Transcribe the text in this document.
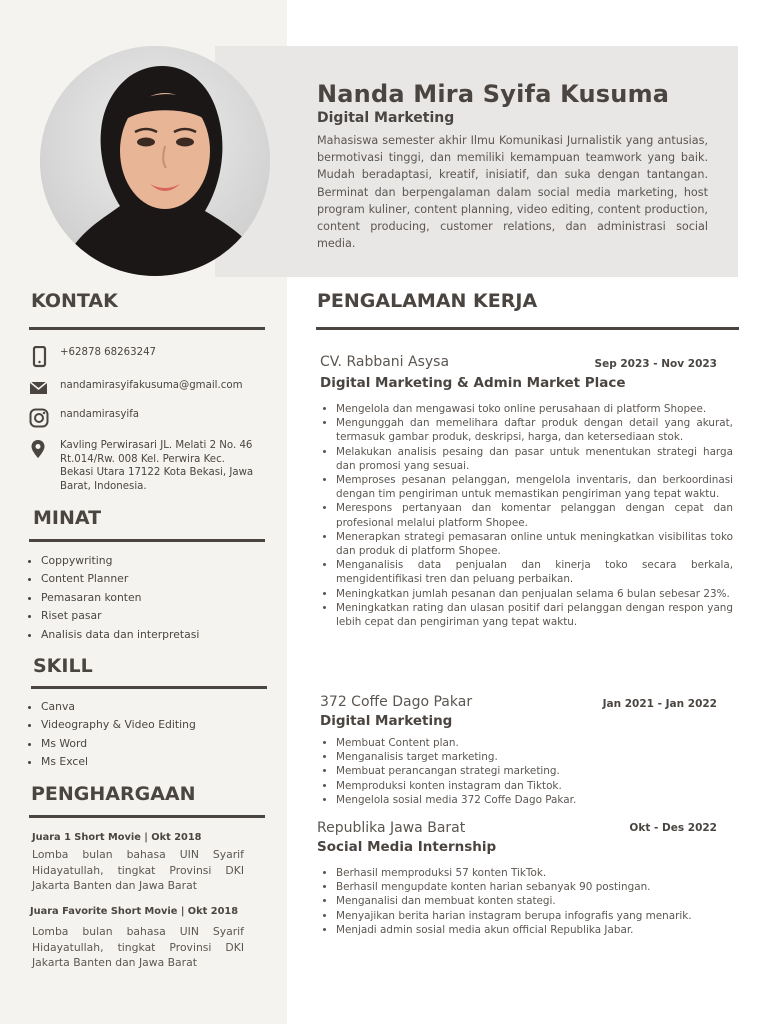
Nanda Mira Syifa Kusuma
Digital Marketing

Mahasiswa semester akhir Ilmu Komunikasi Jurnalistik yang antusias, bermotivasi tinggi, dan memiliki kemampuan teamwork yang baik. Mudah beradaptasi, kreatif, inisiatif, dan suka dengan tantangan. Berminat dan berpengalaman dalam social media marketing, host program kuliner, content planning, video editing, content production, content producing, customer relations, dan administrasi social media.

KONTAK
+62878 68263247
nandamirasyifakusuma@gmail.com
nandamirasyifa
Kavling Perwirasari JL. Melati 2 No. 46 Rt.014/Rw. 008 Kel. Perwira Kec. Bekasi Utara 17122 Kota Bekasi, Jawa Barat, Indonesia.
MINAT
• Coppywriting
• Content Planner
• Pemasaran konten
• Riset pasar
• Analisis data dan interpretasi
SKILL
• Canva
• Videography & Video Editing
• Ms Word
• Ms Excel
PENGHARGAAN

Juara 1 Short Movie | Okt 2018

Lomba bulan bahasa UIN Syarif Hidayatullah, tingkat Provinsi DKI Jakarta Banten dan Jawa Barat

Juara Favorite Short Movie | Okt 2018

Lomba bulan bahasa UIN Syarif Hidayatullah, tingkat Provinsi DKI Jakarta Banten dan Jawa Barat

PENGALAMAN KERJA

CV. Rabbani Asysa	Sep 2023 - Nov 2023

Digital Marketing & Admin Market Place

• Mengelola dan mengawasi toko online perusahaan di platform Shopee.
• Mengunggah dan memelihara daftar produk dengan detail yang akurat, termasuk gambar produk, deskripsi, harga, dan ketersediaan stok.
• Melakukan analisis pesaing dan pasar untuk menentukan strategi harga dan promosi yang sesuai.
• Memproses pesanan pelanggan, mengelola inventaris, dan berkoordinasi dengan tim pengiriman untuk memastikan pengiriman yang tepat waktu.
• Merespons pertanyaan dan komentar pelanggan dengan cepat dan profesional melalui platform Shopee.
• Menerapkan strategi pemasaran online untuk meningkatkan visibilitas toko dan produk di platform Shopee.
• Menganalisis data penjualan dan kinerja toko secara berkala, mengidentifikasi tren dan peluang perbaikan.
• Meningkatkan jumlah pesanan dan penjualan selama 6 bulan sebesar 23%.
• Meningkatkan rating dan ulasan positif dari pelanggan dengan respon yang lebih cepat dan pengiriman yang tepat waktu.

372 Coffe Dago Pakar	Jan 2021 - Jan 2022

Digital Marketing

• Membuat Content plan.
• Menganalisis target marketing.
• Membuat perancangan strategi marketing.
• Memproduksi konten instagram dan Tiktok.
• Mengelola sosial media 372 Coffe Dago Pakar.

Republika Jawa Barat	Okt - Des 2022

Social Media Internship

• Berhasil memproduksi 57 konten TikTok.
• Berhasil mengupdate konten harian sebanyak 90 postingan.
• Menganalisi dan membuat konten stategi.
• Menyajikan berita harian instagram berupa infografis yang menarik.
• Menjadi admin sosial media akun official Republika Jabar.
